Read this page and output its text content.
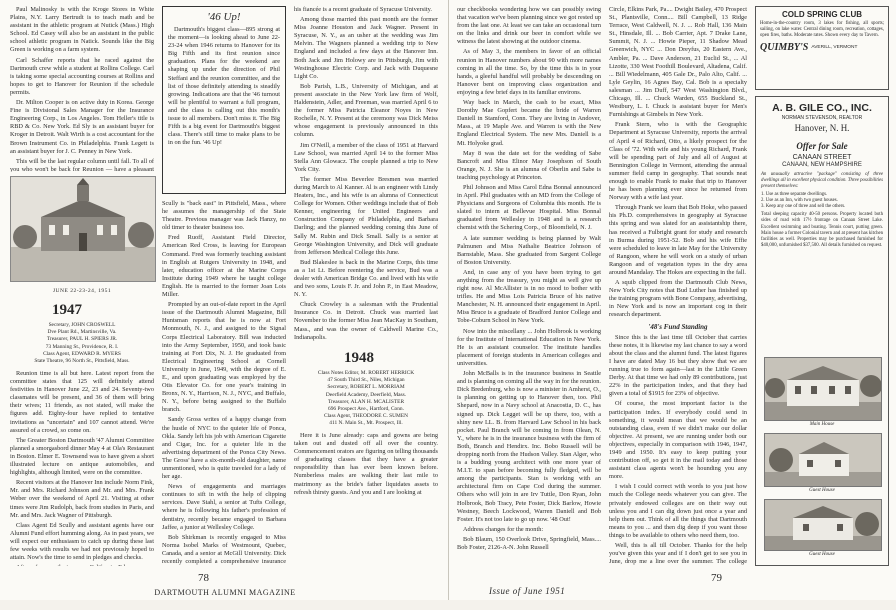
Paul Malinosky is with the Kroge Stores in White Plains, N.Y. Larry Bertrudt is to teach math and be assistant in the athletic program at Nutick (Mass.) High School. Ed Casey will also be an assistant in the public school athletic program in Natick. Sounds like the Big Green is working on a farm system.

Carl Schaffer reports that he raced against the Dartmouth crew while a student at Rollins College. Carl is taking some special accounting courses at Rollins and hopes to get to Hanover for Reunion if the schedule permits.

Dr. Milton Cooper is on active duty in Korea. George Fine is Divisional Sales Manager for the Insurance Engineering Corp., in Los Angeles. Tom Heller's title is RBD & Co. New York. Ed Sly is an assistant buyer for Kroger in Detroit. Walt Wirth is a cost accountant for the Brown Instrument Co. in Philadelphia. Frank Legett is an assistant buyer for J. C. Penney in New York.

This will be the last regular column until fall. To all of you who won't be back for Reunion — have a pleasant

JUNE 22-23-24, 1951
'46 Up!
Dartmouth's biggest class—895 strong at the moment—is looking ahead to June 22-23-24 when 1946 returns to Hanover for its Big Fifth and its first reunion since graduation. Plans for the weekend are shaping up under the direction of Phil Steffani and the reunion committee, and the list of those definitely attending is steadily growing. Indications are that the '46 turnout will be plentiful to warrant a full program, and the class is calling out this month's issue to all members. Don't miss it. The Big Fifth is a big event for Dartmouth's biggest class. There's still time to make plans to be in on the fun. '46 Up!
1947
Secretary, JOHN CROSWELL
Dve Plant Rd., Martinsville, Va.
Treasurer, PAUL H. SPIERS JR.
73 Manning St., Providence, R. I.
Class Agent, EDWARD R. MYERS
State Theatre, 96 North St., Pittsfield, Mass.

Reunion time is all but here. Latest report from the committee states that 125 will definitely attend festivities in Hanover June 22, 23 and 24. Seventy-two classmates will be present, and 36 of them will bring their wives; 11 friends, as not stated, will make the figures add. Eighty-four have replied to tentative invitations as "uncertain" and 107 cannot attend. We're assured of a crowd, so come on.

The Greater Boston Dartmouth '47 Alumni Committee planned a smorgasbord dinner May 4 at Ola's Restaurant in Boston. Elmer E. Townsend was to have given a short illustrated lecture on antique automobiles, and highlights, although limited, were on the committee.

Recent visitors at the Hanover Inn include Norm Fink, Mr. and Mrs. Richard Johnson and Mr. and Mrs. Frank Weber over the weekend of April 21. Visiting at other times were Jim Rudolph, back from studies in Paris, and Mr. and Mrs. Jack Wagner of Pittsburgh.

Class Agent Ed Scully and assistant agents have our Alumni Fund effort humming along. As in past years, we will expect our enthusiasm to catch up during these last few weeks with results we had not previously hoped to attain. Now's the time to send in pledges and checks.

Scully is "back east" in Pittsfield, Mass., where he assumes the managership of the State Theatre. Previous manager was Jack Hanzy, no old timer to theater business too.

Fred Ruoff, Assistant Field Director, American Red Cross, is leaving for European Command. Fred was formerly teaching assistant in English at Rutgers University in 1948, and later, education officer at the Marine Corps Institute during 1949 where he taught college English. He is married to the former Joan Lois Miller.

Prompted by an out-of-date report in the April issue of the Dartmouth Alumni Magazine, Bill Huntsman reports that he is now at Fort Monmouth, N. J., and assigned to the Signal Corps Electrical Laboratory. Bill was inducted into the Army September, 1950, and took basic training at Fort Dix, N. J. He graduated from Electrical Engineering School at Cornell University in June, 1949, with the degree of E. E., and upon graduating was employed by the Otis Elevator Co. for one year's training in Bronx, N. Y., Harrison, N. J., NYC, and Buffalo, N. Y., before being assigned to the Buffalo branch.

Sandy Gross writes of a happy change from the hustle of NYC to the quieter life of Ponca, Okla. Sandy left his job with American Cigarette and Cigar, Inc. for a quieter life in the advertising department of the Ponca City News. The Gross' have a six-month-old daughter, name unmentioned, who is quite traveled for a lady of her age.

News of engagements and marriages continues to sift in with the help of clipping services. Dave Stahl, a senior at Tufts College, where he is following his father's profession of dentistry, recently became engaged to Barbara Jaffee, a junior at Wellesley College.

Bob Shirkman is recently engaged to Miss Norma Isobel Marks of Westmount, Quebec, Canada, and a senior at McGill University. Dick recently completed a comprehensive insurance

his fiancée is a recent graduate of Syracuse University.

Among those married this past month are the former Miss Joanne Houston and Jack Wagner. Present in Syracuse, N. Y., as an usher at the wedding was Jim Melvin. The Wagners planned a wedding trip to New England and included a few days at the Hanover Inn. Both Jack and Jim Holowy are in Pittsburgh, Jim with Westinghouse Electric Corp. and Jack with Duquesne Light Co.

Bob Parish, L.B., University of Michigan, and at present associate in the New York law firm of Wolf, Haldenstein, Adler, and Freeman, was married April 6 to the former Miss Patricia Eleanor Noyes in New Rochelle, N. Y. Present at the ceremony was Dick Meiss whose engagement is previously announced in this column.

Jim O'Neill, a member of the class of 1951 at Harvard Law School, was married April 14 to the former Miss Stella Ann Glowacz. The couple planned a trip to New York City.

The former Miss Beverlee Bresmen was married during March to Al Kanner. Al is an engineer with Lindy Heaters, Inc., and his wife is an alumna of Connecticut College for Women. Other weddings include that of Bob Kenner, engineering for United Engineers and Construction Company of Philadelphia, and Barbara Darling; and the planned wedding coming this June of Sally M. Rubin and Dick Small. Sally is a senior at George Washington University, and Dick will graduate from Jefferson Medical College this June.

Bud Blakeslee is back in the Marine Corps, this time as a 1st Lt. Before reentering the service, Bud was a dealer with American Bridge Co. and lived with his wife and two sons, Louis F. Jr. and John P., in East Meadow, N. Y.

Chuck Crowley is a salesman with the Prudential Insurance Co. in Detroit. Chuck was married last November to the former Miss Jean MacKay in Southam, Mass., and was the owner of Caldwell Marine Co., Indianapolis.

1948
Class Notes Editor, M. ROBERT HERRICK
47 South Third St., Niles, Michigan
Secretary, ROBERT L. MORRIAM
Deerfield Academy, Deerfield, Mass.
Treasurer, ALAN H. MCALISTER
696 Prospect Ave., Hartford, Conn.
Class Agent, THEODORE C. SUMEN
411 N. Main St., Mt. Prospect, Ill.

Here it is June already: caps and gowns are being taken out and dusted off all over the country. Commencement orators are figuring on telling thousands of graduating classes that they have a greater responsibility than has ever been known before. Numberless males are walking their last mile to matrimony as the bride's father liquidates assets to refresh thirsty guests. And you and I are looking at

78
DARTMOUTH ALUMNI MAGAZINE

our checkbooks wondering how we can possibly swing that vacation we've been planning since we got rested up from the last one. At least we can take an occasional turn on the links and drink our beer in comfort while we witness the latest showing at the outdoor cinema.

As of May 3, the members in favor of an official reunion in Hanover numbers about 90 with more names coming in all the time. So, by the time this is in your hands, a gleeful handful will probably be descending on Hanover bent on improving class organization and enjoying a few brief days in its familiar environs.

Way back in March, the cash to be exact, Miss Dorothy Mae Gopfert became the bride of Warren Daniell in Stamford, Conn. They are living in Andover, Mass., at 19 Maple Ave. and Warren is with the New England Electrical System. The new Mrs. Daniell is a Mt. Holyoke grad.

May 8 was the date set for the wedding of Sabe Bancroft and Miss Elinor May Josephson of South Orange, N. J. She is an alumna of Oberlin and Sabe is teaching psychology at Princeton.

Phil Johnson and Miss Carol Edna Bonnal announced in April. Phil graduates with an MD from the College of Physicians and Surgeons of Columbia this month. He is slated to intern at Bellevue Hospital. Miss Bonnal graduated from Wellesley in 1948 and is a research chemist with the Schering Corp., of Bloomfield, N. J.

A late summer wedding is being planned by Walt Palmunen and Miss Nathalie Beatrice Johnson of Barnstable, Mass. She graduated from Sargent College of Boston University.

And, in case any of you have been trying to get anything from the treasury, you might as well give up right now. Al McAllister is in no mood to bother with trifles. He and Miss Lois Patricia Bruce of his native Manchester, N. H. announced their engagement in April. Miss Bruce is a graduate of Bradford Junior College and Tobe-Coburn School in New York.

Now into the miscellany ... John Holbrook is working for the Institute of International Education in New York. He is an assistant counselor. The institute handles placement of foreign students in American colleges and universities.

John McBalls is in the insurance business in Seattle and is planning on coming all the way in for the reunion. Dick Bredenburg, who is now a minister in Amherst, O., is planning on getting up to Hanover then, too. Phil Shepard, now in a Navy school at Anacostia, D. C., has signed up. Dick Legget will be up there, too, with a shiny new LL. B. from Harvard Law School in his back pocket. Paul Branch will be coming in from Olean, N. Y., where he is in the insurance business with the firm of Both, Branch and Hendirx. Inc. Bobo Russell will be dropping north from the Hudson Valley. Stan Alger, who is a budding young architect with one more year of M.I.T. to span before becoming fully fledged, will be among the participants. Stan is working with an architectural firm on Cape Cod during the summer. Others who will join in are Irv Tuttle, Don Ryan, John Holbrook, Bob Tracy, Pete Foster, Dick Barlow, Howie Westney, Beech Lockwood, Warren Daniell and Bob Foster. It's not too late to go up now. '48 Out!

Address changes for the month:

Bob Blaum, 150 Overlook Drive, Springfield, Mass.... Bob Foster, 2126-A-N. John Russell

Circle, Elkins Park, Pa.... Dwight Bailey, 470 Prospect St., Plantsville, Conn.... Bill Campbell, 13 Ridge Terrace, West Caldwell, N. J. ... Rob Hall, 136 Main St., Hinsdale, Ill. ... Bob Carrier, Apt. 7 Drake Lane, Summit, N. J. ... Howie Pieper, 11 Shadow Mead Greenwich, NYC ... Don Dreyfus, 20 Eastern Ave., Ambler, Pa. ... Dave Anderson, 21 Euclid St., ... Al Lizotte, 330 West Foothill Boulevard, Altadena, Calif. ... Bill Wiedelmann, 405 Gale Dr., Palo Alto, Calif. ... Lyle Geylin, 16 Agnes Bay, Cal. Bob is a specialty salesman ... Jim Duff, 547 West Washington Blvd., Chicago, Ill. ... Chuck Warden, 655 Buckland St., Westbury, L. I. Chuck is assistant buyer for Men's Furnishings at Gimbels in New York.

Frank Stern, who is with the Geographic Department at Syracuse University, reports the arrival of April 4 of Richard, Otto, a likely prospect for the Class of '72. With wife and his young Richard, Frank will be spending part of July and all of August at Bennington College in Vermont, attending the annual summer field camp in geography. That sounds neat enough to enable Frank to make that trip to Hanover he has been planning ever since he returned from Norway with a wife last year.

Through Frank we learn that Bob Hoke, who passed his Ph.D. comprehensives in geography at Syracuse this spring and was slated for an assistantship there, has received a Fulbright grant for study and research in Burma during 1951-52. Bob and his wife Effie were scheduled to leave in late May for the University of Rangoon, where he will work on a study of urban Rangoon and of vegetation types in the dry area around Mandalay. The Hokes are expecting in the fall.

A squib clipped from the Dartmouth Club News, New York City notes that Bud Luther has finished up the training program with Bone Company, advertising, in New York and is now an important cog in their research department.

'48's Fund Standing

Since this is the last time till October that carries these notes, it is likewise my last chance to say a word about the class and the alumni fund. The latest figures I have are dated May 16 but they show that we are running true to form again—last in the Little Green Derby. At that time we had only 89 contributions, just 22% in the participation index, and that they had given a total of $1915 for 23% of objective.

Of course, the most important factor is the participation index. If everybody could send in something, it would mean that we would be an outstanding class, even if we didn't make our dollar objective. At present, we are running under both our objectives, especially in comparison with 1946, 1947, 1949 and 1950. It's easy to keep putting your contribution off, so get it in the mail today and those assistant class agents won't be hounding you any more.

I wish I could correct with words to you just how much the College needs whatever you can give. The privately endowed colleges are on their way out unless you and I can dig down just once a year and help them out. Think of all the things that Dartmouth means to you ... and then dig deep if you want those things to be available to others who need them, too.

Well, this is all till October. Thanks for the help you've given this year and if I don't get to see you in June, drop me a line over the summer. The college

COLD SPRING CLUB
Home-in-the-country room, 3 lakes for fishing, all sports; sailing, on lake water. Central dining room, recreation, cottages, open fires, baths. Moderate rates. Shown every day to Tavern.
QUIMBY'S AVERILL, VERMONT
A. B. GILE CO., INC.
NORMAN STEVENSON, REALTOR
Hanover, N. H.
Offer for Sale
CANAAN STREET
CANAAN, NEW HAMPSHIRE
An unusually attractive "package" consisting of three dwellings all in excellent physical condition. Three possibilities present themselves:
1. Use as three separate dwellings.
2. Use as an Inn, with two guest houses.
3. Keep any one of three and sell the others.
Total sleeping capacity 40-50 persons. Property located both sides of road with 17½ frontage on Canaan Street Lake. Excellent swimming and boating. Tennis court, putting green. Main house a former Colonial tavern and at present has kitchen facilities as well. Properties may be purchased furnished for $40,000, unfurnished $37,500. All details furnished on request.
Main House
Guest House
Guest House
Issue of June 1951
79
